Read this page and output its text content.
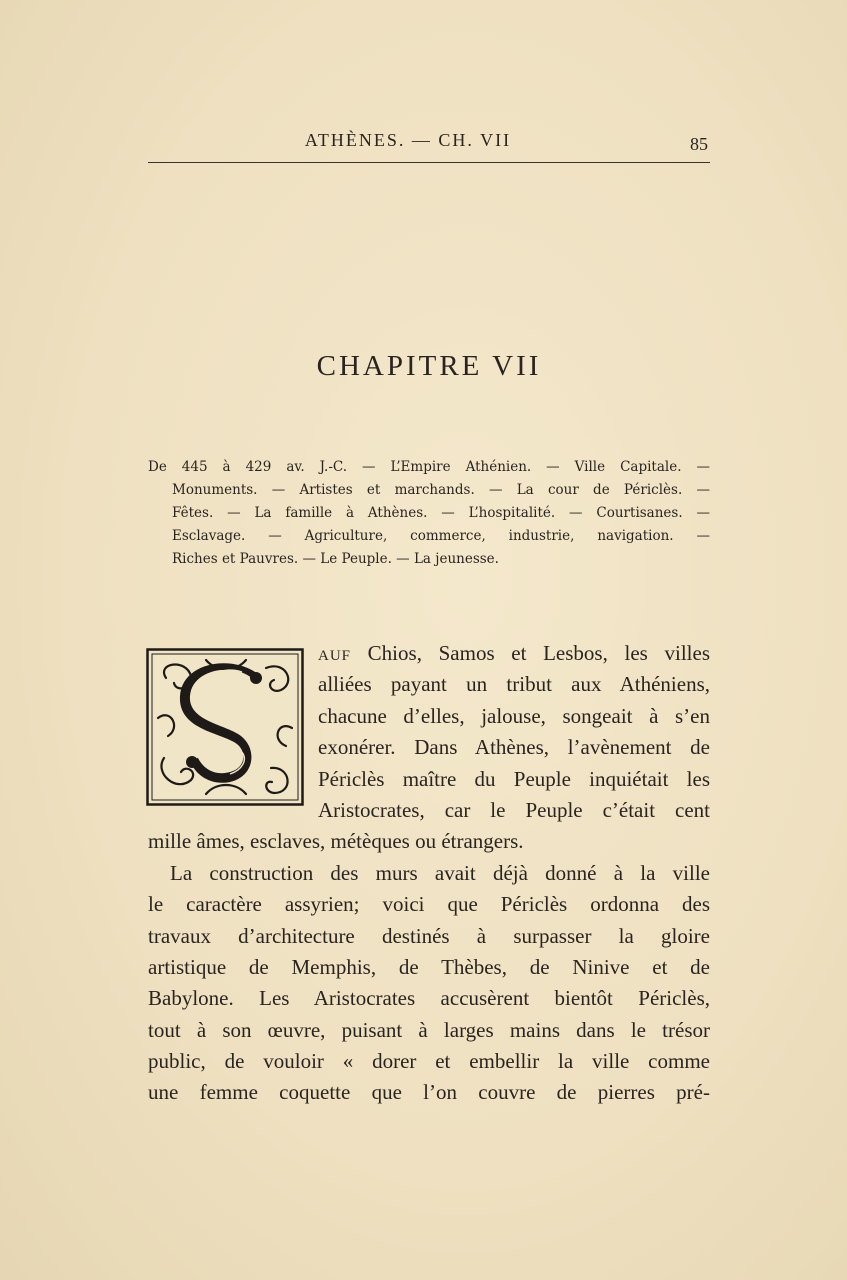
ATHÈNES. — CH. VII	85
CHAPITRE VII
De 445 à 429 av. J.-C. — L’Empire Athénien. — Ville Capitale. —
Monuments. — Artistes et marchands. — La cour de Périclès. —
Fêtes. — La famille à Athènes. — L’hospitalité. — Courtisanes. —
Esclavage. — Agriculture, commerce, industrie, navigation. —
Riches et Pauvres. — Le Peuple. — La jeunesse.
AUF Chios, Samos et Lesbos, les villes
alliées payant un tribut aux Athéniens,
chacune d’elles, jalouse, songeait à s’en
exonérer. Dans Athènes, l’avènement de
Périclès maître du Peuple inquiétait les
Aristocrates, car le Peuple c’était cent
mille âmes, esclaves, métèques ou étrangers.
La construction des murs avait déjà donné à la ville
le caractère assyrien; voici que Périclès ordonna des
travaux d’architecture destinés à surpasser la gloire
artistique de Memphis, de Thèbes, de Ninive et de
Babylone. Les Aristocrates accusèrent bientôt Périclès,
tout à son œuvre, puisant à larges mains dans le trésor
public, de vouloir « dorer et embellir la ville comme
une femme coquette que l’on couvre de pierres pré-
